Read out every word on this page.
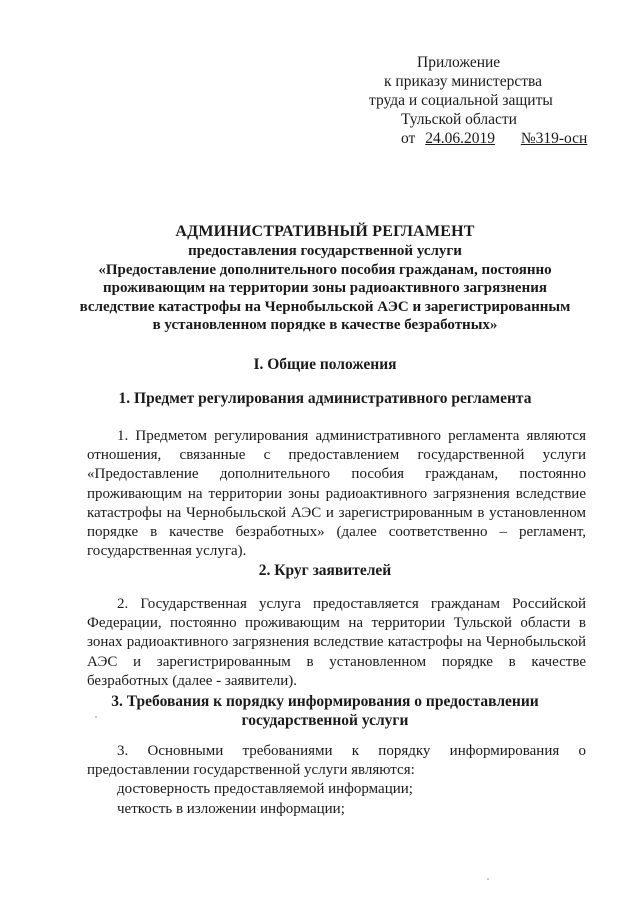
Приложение
к приказу министерства
труда и социальной защиты
Тульской области
от 24.06.2019 №319-осн
АДМИНИСТРАТИВНЫЙ РЕГЛАМЕНТ
предоставления государственной услуги
«Предоставление дополнительного пособия гражданам, постоянно
проживающим на территории зоны радиоактивного загрязнения
вследствие катастрофы на Чернобыльской АЭС и зарегистрированным
в установленном порядке в качестве безработных»
I. Общие положения
1. Предмет регулирования административного регламента
1. Предметом регулирования административного регламента являются отношения, связанные с предоставлением государственной услуги «Предоставление дополнительного пособия гражданам, постоянно проживающим на территории зоны радиоактивного загрязнения вследствие катастрофы на Чернобыльской АЭС и зарегистрированным в установленном порядке в качестве безработных» (далее соответственно – регламент, государственная услуга).
2. Круг заявителей
2. Государственная услуга предоставляется гражданам Российской Федерации, постоянно проживающим на территории Тульской области в зонах радиоактивного загрязнения вследствие катастрофы на Чернобыльской АЭС и зарегистрированным в установленном порядке в качестве безработных (далее - заявители).
3. Требования к порядку информирования о предоставлении
государственной услуги
3. Основными требованиями к порядку информирования о предоставлении государственной услуги являются:
достоверность предоставляемой информации;
четкость в изложении информации;
